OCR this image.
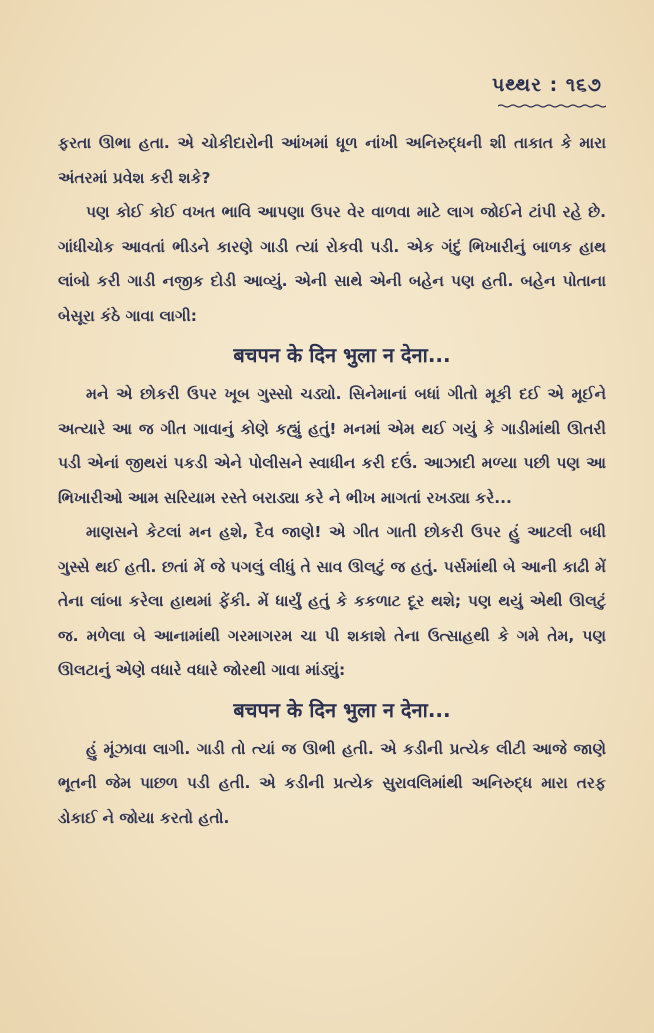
પથ્થર : ૧૬૭

ફરતા ઊભા હતા. એ ચોકીદારોની આંખમાં ધૂળ નાંખી અનિરુદ્ધની શી તાકાત કે મારા અંતરમાં પ્રવેશ કરી શકે?

પણ કોઈ કોઈ વખત ભાવિ આપણા ઉપર વેર વાળવા માટે લાગ જોઈને ટાંપી રહે છે. ગાંધીચોક આવતાં ભીડને કારણે ગાડી ત્યાં રોકવી પડી. એક ગંદું ભિખારીનું બાળક હાથ લાંબો કરી ગાડી નજીક દોડી આવ્યું. એની સાથે એની બહેન પણ હતી. બહેન પોતાના બેસૂરા કંઠે ગાવા લાગી:

बचपन के दिन भुला न देना...

મને એ છોકરી ઉપર ખૂબ ગુસ્સો ચડ્યો. સિનેમાનાં બધાં ગીતો મૂકી દઈ એ મૂઈને અત્યારે આ જ ગીત ગાવાનું કોણે કહ્યું હતું! મનમાં એમ થઈ ગયું કે ગાડીમાંથી ઊતરી પડી એનાં જીથરાં પકડી એને પોલીસને સ્વાધીન કરી દઉં. આઝાદી મળ્યા પછી પણ આ ભિખારીઓ આમ સરિયામ રસ્તે બરાડ્યા કરે ને ભીખ માગતાં રખડ્યા કરે...

માણસને કેટલાં મન હશે, દૈવ જાણે! એ ગીત ગાતી છોકરી ઉપર હું આટલી બધી ગુસ્સે થઈ હતી. છતાં મેં જે પગલું લીધું તે સાવ ઊલટું જ હતું. પર્સમાંથી બે આની કાઢી મેં તેના લાંબા કરેલા હાથમાં ફેંકી. મેં ધાર્યું હતું કે કકળાટ દૂર થશે; પણ થયું એથી ઊલટું જ. મળેલા બે આનામાંથી ગરમાગરમ ચા પી શકાશે તેના ઉત્સાહથી કે ગમે તેમ, પણ ઊલટાનું એણે વધારે વધારે જોરથી ગાવા માંડ્યું:

बचपन के दिन भुला न देना...

હું મૂંઝાવા લાગી. ગાડી તો ત્યાં જ ઊભી હતી. એ કડીની પ્રત્યેક લીટી આજે જાણે ભૂતની જેમ પાછળ પડી હતી. એ કડીની પ્રત્યેક સુરાવલિમાંથી અનિરુદ્ધ મારા તરફ ડોકાઈ ને જોયા કરતો હતો.
